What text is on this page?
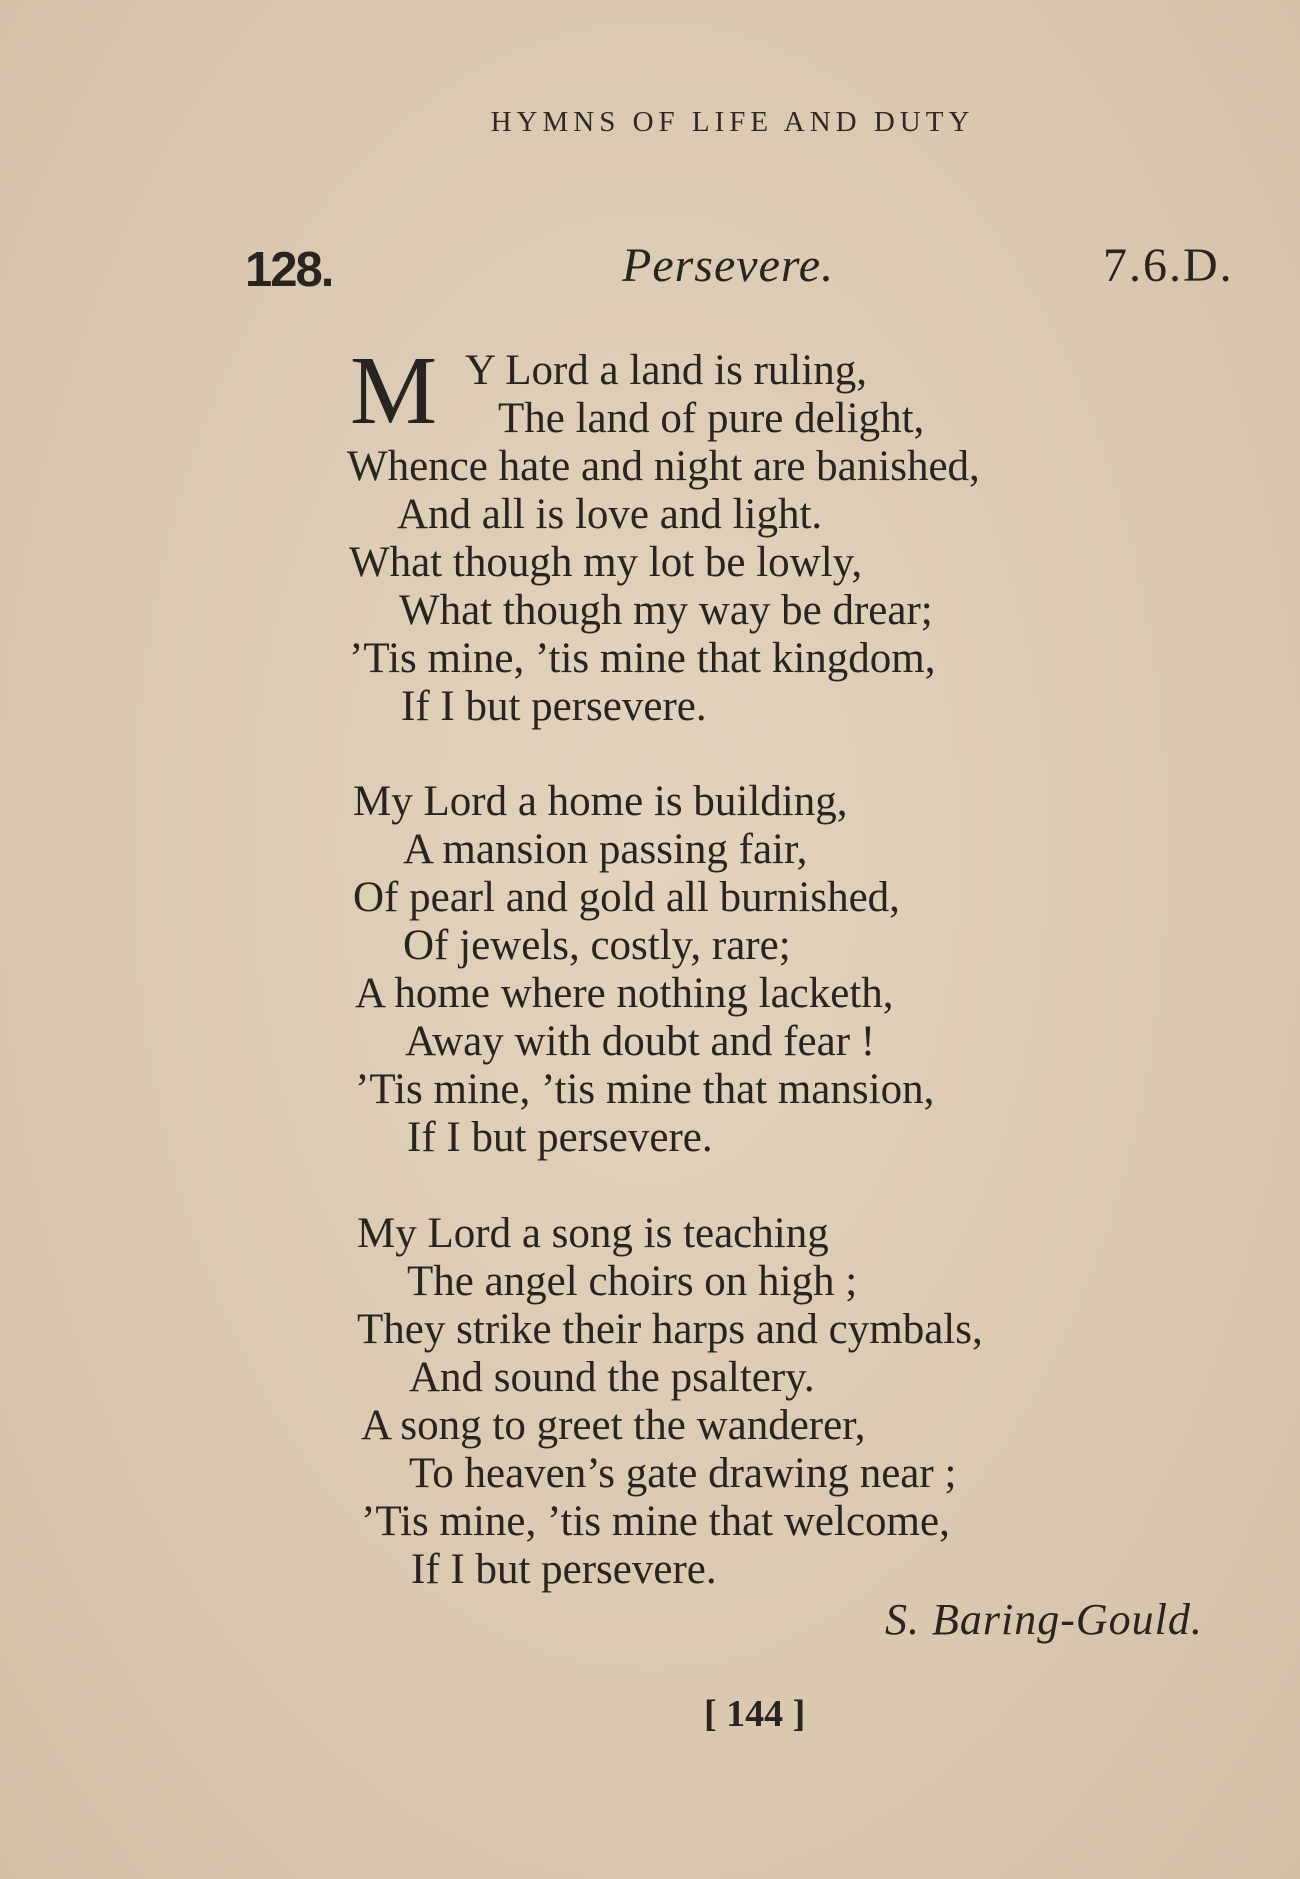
HYMNS OF LIFE AND DUTY
128.	Persevere.	7.6.D.
M Y Lord a land is ruling,
The land of pure delight,
Whence hate and night are banished,
And all is love and light.
What though my lot be lowly,
What though my way be drear;
’Tis mine, ’tis mine that kingdom,
If I but persevere.
My Lord a home is building,
A mansion passing fair,
Of pearl and gold all burnished,
Of jewels, costly, rare;
A home where nothing lacketh,
Away with doubt and fear !
’Tis mine, ’tis mine that mansion,
If I but persevere.
My Lord a song is teaching
The angel choirs on high ;
They strike their harps and cymbals,
And sound the psaltery.
A song to greet the wanderer,
To heaven’s gate drawing near ;
’Tis mine, ’tis mine that welcome,
If I but persevere.
S. Baring-Gould.
[ 144 ]
